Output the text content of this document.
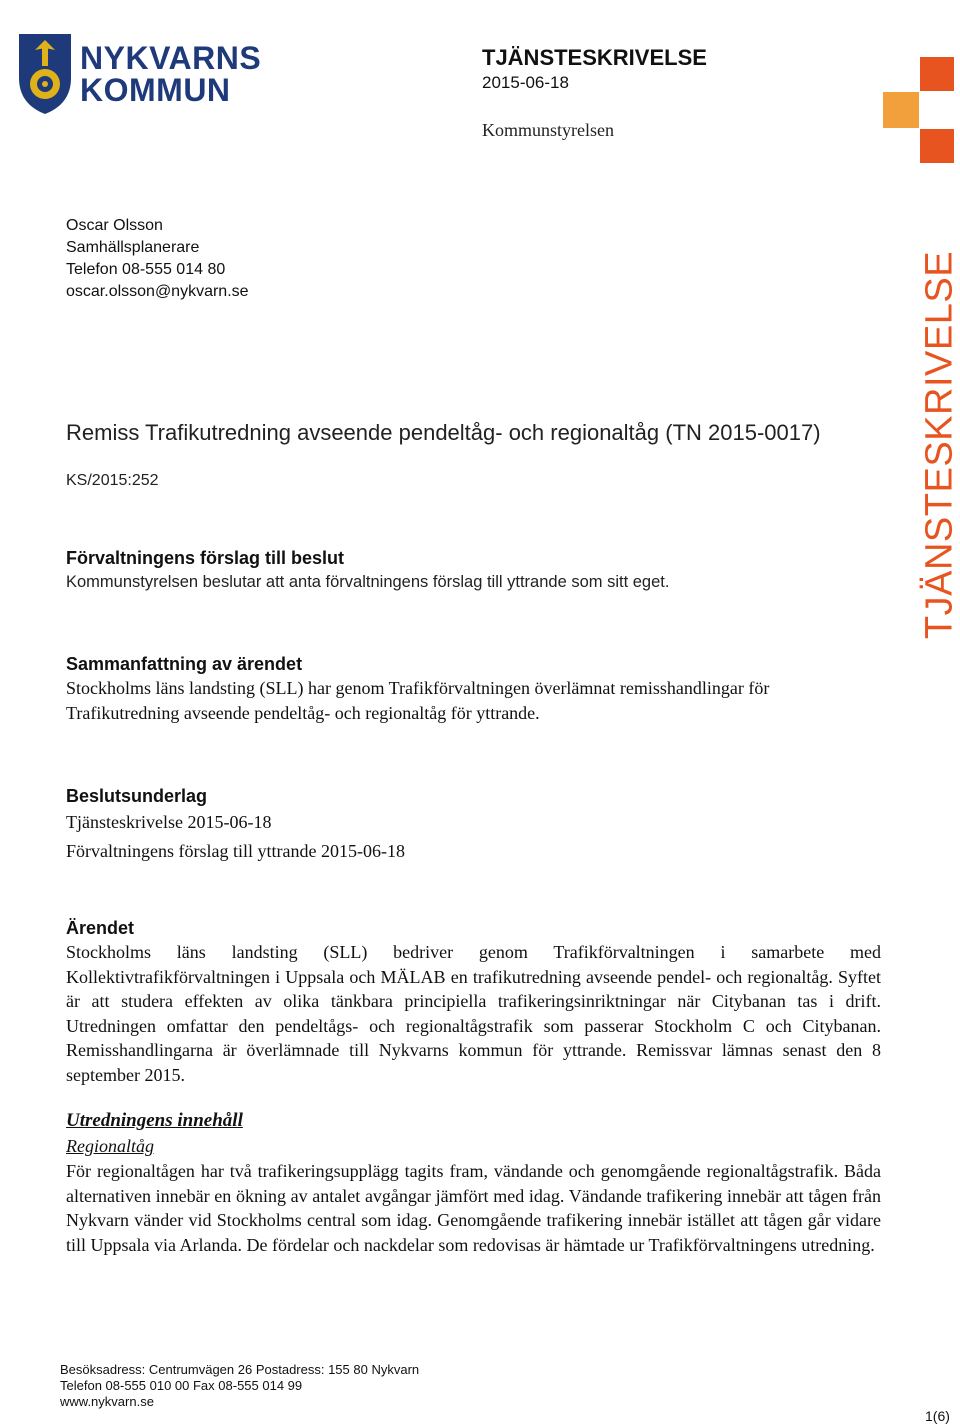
NYKVARNS
KOMMUN
TJÄNSTESKRIVELSE
2015-06-18
Kommunstyrelsen
Oscar Olsson
Samhällsplanerare
Telefon 08-555 014 80
oscar.olsson@nykvarn.se
Remiss Trafikutredning avseende pendeltåg- och regionaltåg (TN 2015-0017)
KS/2015:252
Förvaltningens förslag till beslut
Kommunstyrelsen beslutar att anta förvaltningens förslag till yttrande som sitt eget.
Sammanfattning av ärendet
Stockholms läns landsting (SLL) har genom Trafikförvaltningen överlämnat remisshandlingar för Trafikutredning avseende pendeltåg- och regionaltåg för yttrande.
Beslutsunderlag
Tjänsteskrivelse 2015-06-18
Förvaltningens förslag till yttrande 2015-06-18
Ärendet
Stockholms läns landsting (SLL) bedriver genom Trafikförvaltningen i samarbete med Kollektivtrafikförvaltningen i Uppsala och MÄLAB en trafikutredning avseende pendel- och regionaltåg. Syftet är att studera effekten av olika tänkbara principiella trafikeringsinriktningar när Citybanan tas i drift. Utredningen omfattar den pendeltågs- och regionaltågstrafik som passerar Stockholm C och Citybanan. Remisshandlingarna är överlämnade till Nykvarns kommun för yttrande. Remissvar lämnas senast den 8 september 2015.
Utredningens innehåll
Regionaltåg
För regionaltågen har två trafikeringsupplägg tagits fram, vändande och genomgående regionaltågstrafik. Båda alternativen innebär en ökning av antalet avgångar jämfört med idag. Vändande trafikering innebär att tågen från Nykvarn vänder vid Stockholms central som idag. Genomgående trafikering innebär istället att tågen går vidare till Uppsala via Arlanda. De fördelar och nackdelar som redovisas är hämtade ur Trafikförvaltningens utredning.
TJÄNSTESKRIVELSE
Besöksadress: Centrumvägen 26 Postadress: 155 80 Nykvarn
Telefon 08-555 010 00 Fax 08-555 014 99
www.nykvarn.se
1(6)
